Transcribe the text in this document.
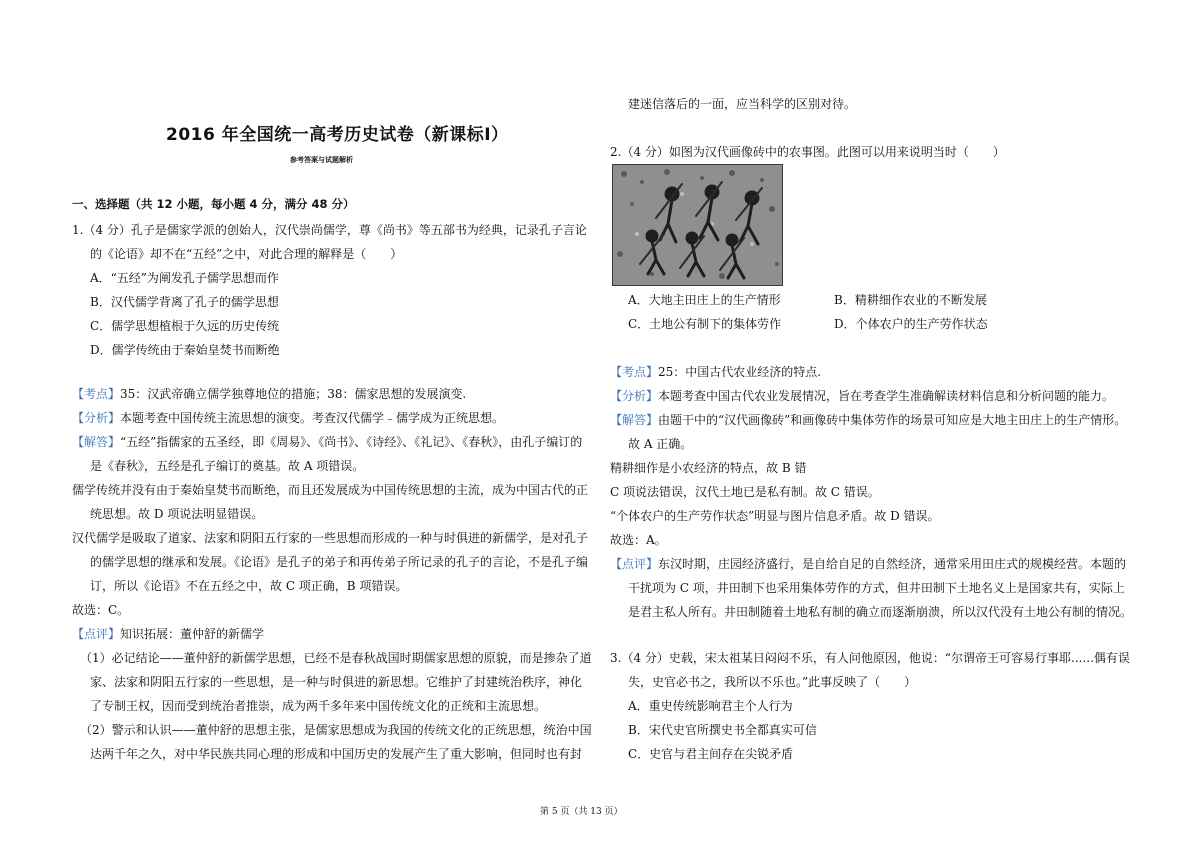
2016 年全国统一高考历史试卷（新课标Ⅰ）
参考答案与试题解析
一、选择题（共 12 小题，每小题 4 分，满分 48 分）
1.（4 分）孔子是儒家学派的创始人，汉代崇尚儒学，尊《尚书》等五部书为经典，记录孔子言论
的《论语》却不在“五经”之中，对此合理的解释是（　　）
A．“五经”为阐发孔子儒学思想而作
B．汉代儒学背离了孔子的儒学思想
C．儒学思想植根于久远的历史传统
D．儒学传统由于秦始皇焚书而断绝
【考点】35：汉武帝确立儒学独尊地位的措施；38：儒家思想的发展演变.
【分析】本题考查中国传统主流思想的演变。考查汉代儒学﹣儒学成为正统思想。
【解答】“五经”指儒家的五圣经，即《周易》、《尚书》、《诗经》、《礼记》、《春秋》，由孔子编订的
是《春秋》，五经是孔子编订的奠基。故 A 项错误。
儒学传统并没有由于秦始皇焚书而断绝，而且还发展成为中国传统思想的主流，成为中国古代的正
统思想。故 D 项说法明显错误。
汉代儒学是吸取了道家、法家和阴阳五行家的一些思想而形成的一种与时俱进的新儒学，是对孔子
的儒学思想的继承和发展。《论语》是孔子的弟子和再传弟子所记录的孔子的言论，不是孔子编
订，所以《论语》不在五经之中，故 C 项正确，B 项错误。
故选：C。
【点评】知识拓展：董仲舒的新儒学
（1）必记结论——董仲舒的新儒学思想，已经不是春秋战国时期儒家思想的原貌，而是掺杂了道
家、法家和阴阳五行家的一些思想，是一种与时俱进的新思想。它维护了封建统治秩序，神化
了专制王权，因而受到统治者推崇，成为两千多年来中国传统文化的正统和主流思想。
（2）警示和认识——董仲舒的思想主张，是儒家思想成为我国的传统文化的正统思想，统治中国
达两千年之久，对中华民族共同心理的形成和中国历史的发展产生了重大影响，但同时也有封
建迷信落后的一面，应当科学的区别对待。
2.（4 分）如图为汉代画像砖中的农事图。此图可以用来说明当时（　　）
A．大地主田庄上的生产情形	B．精耕细作农业的不断发展
C．土地公有制下的集体劳作	D．个体农户的生产劳作状态
【考点】25：中国古代农业经济的特点.
【分析】本题考查中国古代农业发展情况，旨在考查学生准确解读材料信息和分析问题的能力。
【解答】由题干中的“汉代画像砖”和画像砖中集体劳作的场景可知应是大地主田庄上的生产情形。
故 A 正确。
精耕细作是小农经济的特点，故 B 错
C 项说法错误，汉代土地已是私有制。故 C 错误。
“个体农户的生产劳作状态”明显与图片信息矛盾。故 D 错误。
故选：A。
【点评】东汉时期，庄园经济盛行，是自给自足的自然经济，通常采用田庄式的规模经营。本题的
干扰项为 C 项，井田制下也采用集体劳作的方式，但井田制下土地名义上是国家共有，实际上
是君主私人所有。井田制随着土地私有制的确立而逐渐崩溃，所以汉代没有土地公有制的情况。
3.（4 分）史载，宋太祖某日闷闷不乐，有人问他原因，他说：“尔谓帝王可容易行事耶......偶有误
失，史官必书之，我所以不乐也。”此事反映了（　　）
A．重史传统影响君主个人行为
B．宋代史官所撰史书全都真实可信
C．史官与君主间存在尖锐矛盾
第 5 页（共 13 页）
